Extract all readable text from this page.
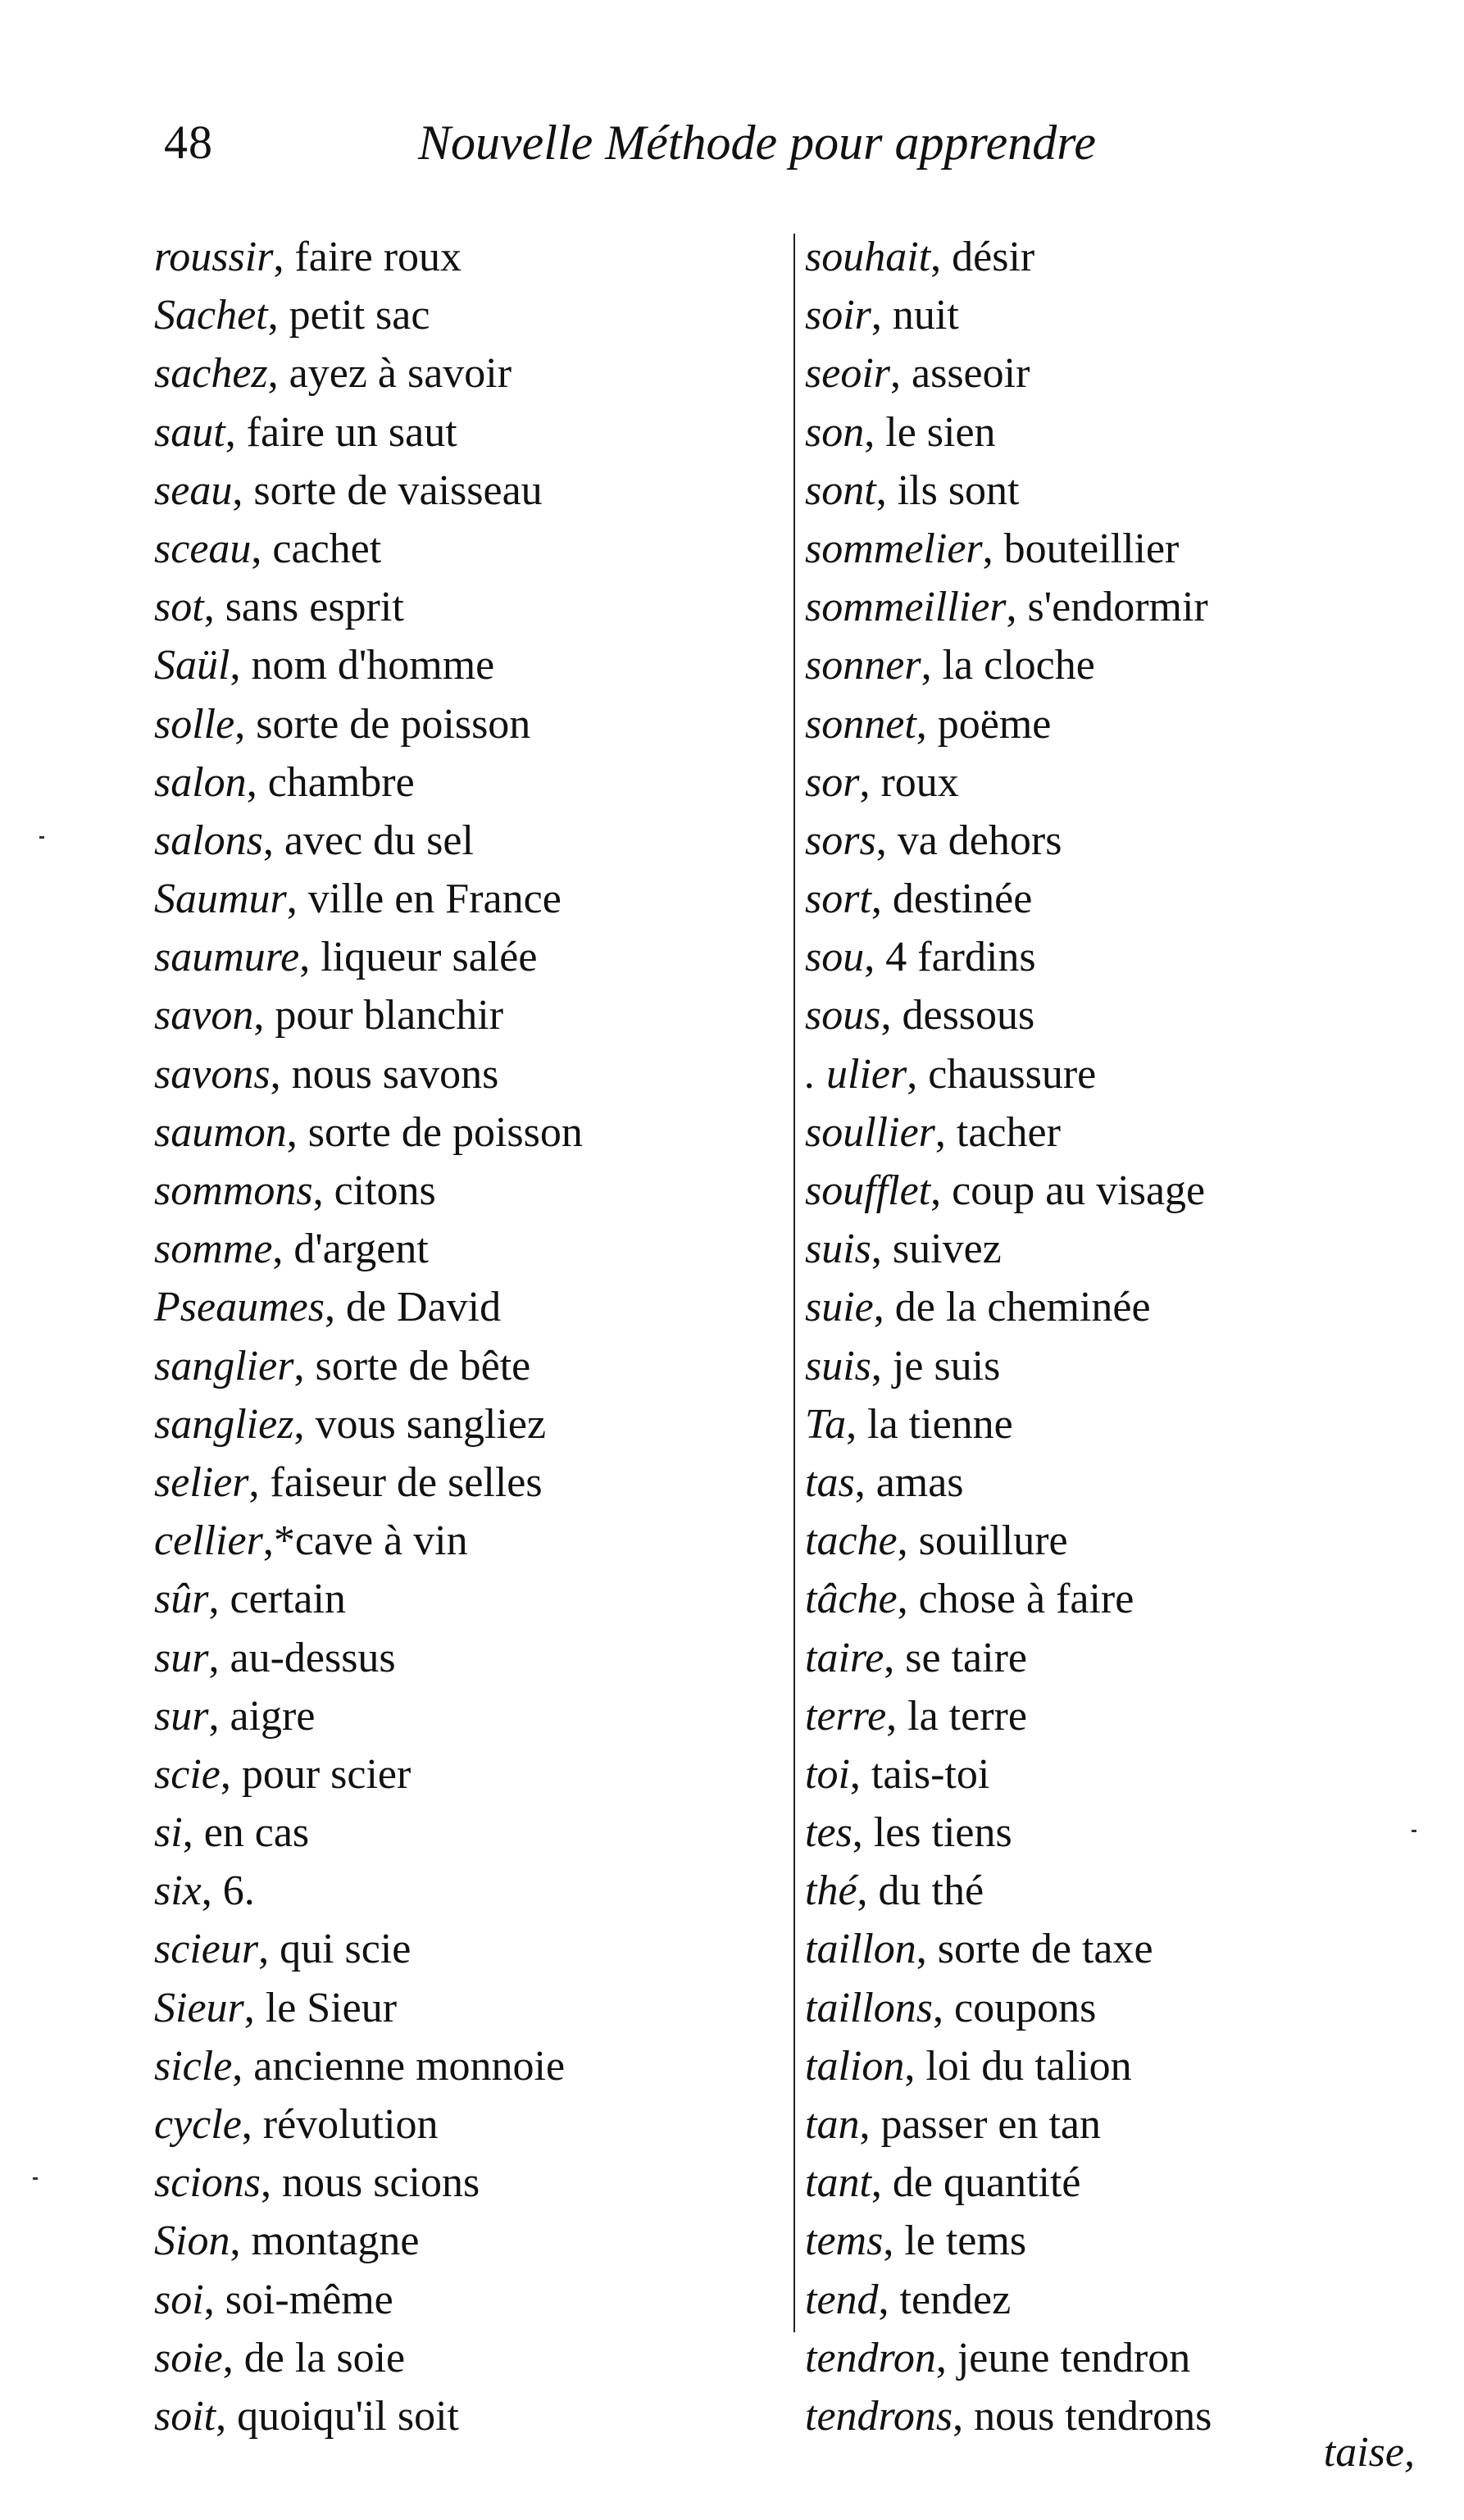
48	Nouvelle Méthode pour apprendre
roussir, faire roux
Sachet, petit sac
sachez, ayez à savoir
saut, faire un saut
seau, sorte de vaisseau
sceau, cachet
sot, sans esprit
Saül, nom d'homme
solle, sorte de poisson
salon, chambre
salons, avec du sel
Saumur, ville en France
saumure, liqueur salée
savon, pour blanchir
savons, nous savons
saumon, sorte de poisson
sommons, citons
somme, d'argent
Pseaumes, de David
sanglier, sorte de bête
sangliez, vous sangliez
selier, faiseur de selles
cellier,*cave à vin
sûr, certain
sur, au-dessus
sur, aigre
scie, pour scier
si, en cas
six, 6.
scieur, qui scie
Sieur, le Sieur
sicle, ancienne monnoie
cycle, révolution
scions, nous scions
Sion, montagne
soi, soi-même
soie, de la soie
soit, quoiqu'il soit
souhait, désir
soir, nuit
seoir, asseoir
son, le sien
sont, ils sont
sommelier, bouteillier
sommeillier, s'endormir
sonner, la cloche
sonnet, poëme
sor, roux
sors, va dehors
sort, destinée
sou, 4 fardins
sous, dessous
. ulier, chaussure
soullier, tacher
soufflet, coup au visage
suis, suivez
suie, de la cheminée
suis, je suis
Ta, la tienne
tas, amas
tache, souillure
tâche, chose à faire
taire, se taire
terre, la terre
toi, tais-toi
tes, les tiens
thé, du thé
taillon, sorte de taxe
taillons, coupons
talion, loi du talion
tan, passer en tan
tant, de quantité
tems, le tems
tend, tendez
tendron, jeune tendron
tendrons, nous tendrons
taise,
